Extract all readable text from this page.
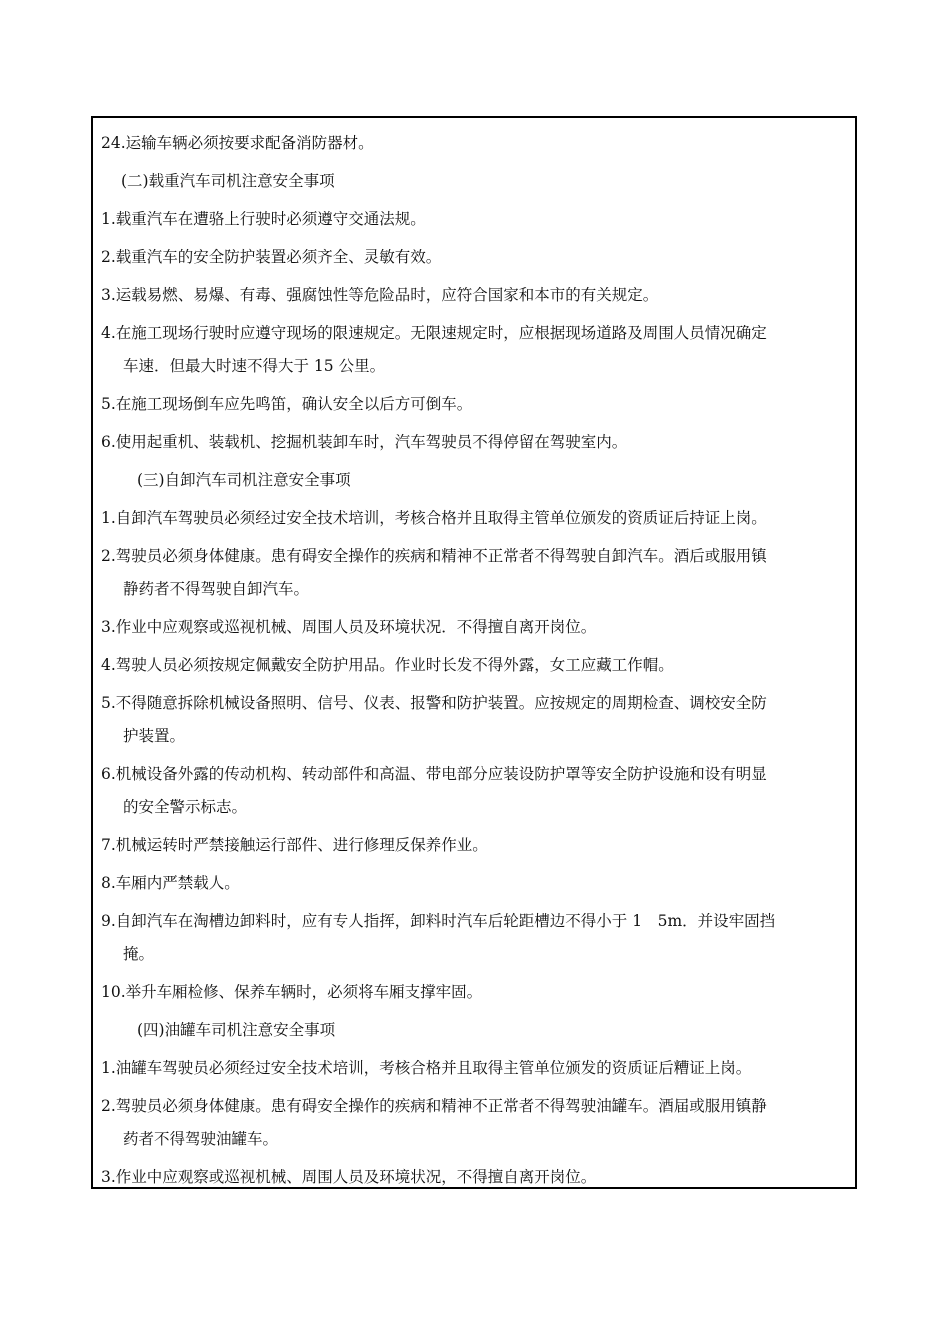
24.运输车辆必须按要求配备消防器材。
(二)载重汽车司机注意安全事项
1.载重汽车在遭骆上行驶时必须遵守交通法规。
2.载重汽车的安全防护装置必须齐全、灵敏有效。
3.运载易燃、易爆、有毒、强腐蚀性等危险品时，应符合国家和本市的有关规定。
4.在施工现场行驶时应遵守现场的限速规定。无限速规定时，应根据现场道路及周围人员情况确定
车速．但最大时速不得大于 15 公里。
5.在施工现场倒车应先鸣笛，确认安全以后方可倒车。
6.使用起重机、装载机、挖掘机装卸车时，汽车驾驶员不得停留在驾驶室内。
(三)自卸汽车司机注意安全事项
1.自卸汽车驾驶员必须经过安全技术培训，考核合格并且取得主管单位颁发的资质证后持证上岗。
2.驾驶员必须身体健康。患有碍安全操作的疾病和精神不正常者不得驾驶自卸汽车。酒后或服用镇
静药者不得驾驶自卸汽车。
3.作业中应观察或巡视机械、周围人员及环境状况．不得擅自离开岗位。
4.驾驶人员必须按规定佩戴安全防护用品。作业时长发不得外露，女工应藏工作帽。
5.不得随意拆除机械设备照明、信号、仪表、报警和防护装置。应按规定的周期检查、调校安全防
护装置。
6.机械设备外露的传动机构、转动部件和高温、带电部分应装设防护罩等安全防护设施和设有明显
的安全警示标志。
7.机械运转时严禁接触运行部件、进行修理反保养作业。
8.车厢内严禁载人。
9.自卸汽车在淘槽边卸料时，应有专人指挥，卸料时汽车后轮距槽边不得小于 1　5m．并设牢固挡
掩。
10.举升车厢检修、保养车辆时，必须将车厢支撑牢固。
(四)油罐车司机注意安全事项
1.油罐车驾驶员必须经过安全技术培训，考核合格并且取得主管单位颁发的资质证后糟证上岗。
2.驾驶员必须身体健康。患有碍安全操作的疾病和精神不正常者不得驾驶油罐车。酒届或服用镇静
药者不得驾驶油罐车。
3.作业中应观察或巡视机械、周围人员及环境状况，不得擅自离开岗位。
